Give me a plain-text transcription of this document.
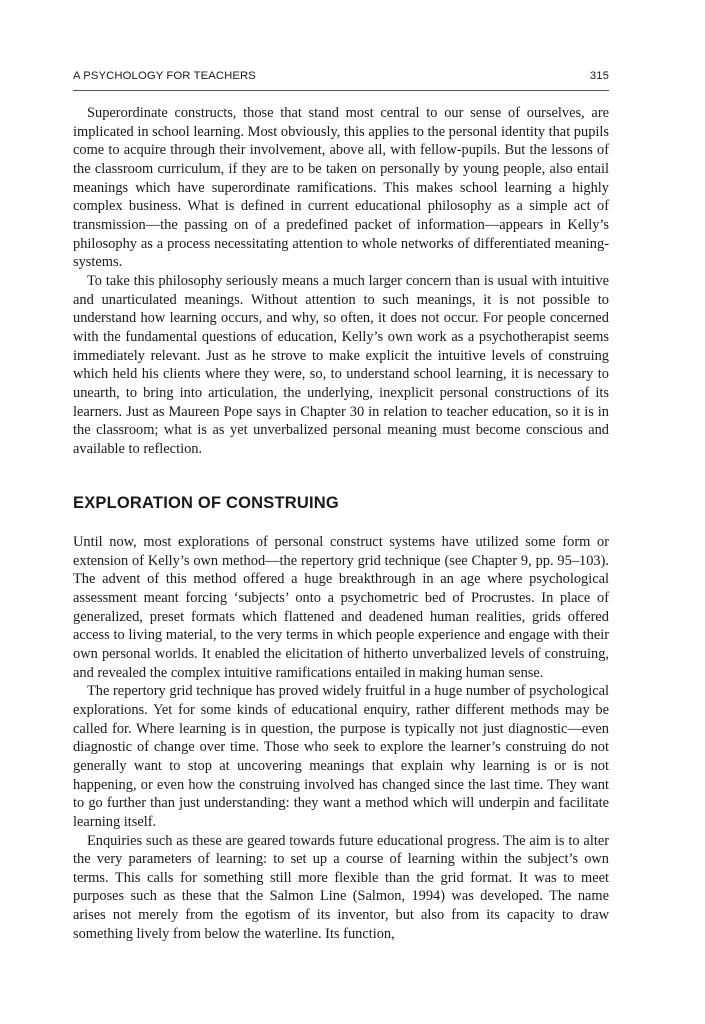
A PSYCHOLOGY FOR TEACHERS	315

Superordinate constructs, those that stand most central to our sense of ourselves, are implicated in school learning. Most obviously, this applies to the personal identity that pupils come to acquire through their involvement, above all, with fellow-pupils. But the lessons of the classroom curriculum, if they are to be taken on personally by young people, also entail meanings which have superordinate ramifications. This makes school learning a highly complex business. What is defined in current educational philosophy as a simple act of transmission—the passing on of a predefined packet of information—appears in Kelly’s philosophy as a process necessitating attention to whole networks of differentiated meaning-systems.

To take this philosophy seriously means a much larger concern than is usual with intuitive and unarticulated meanings. Without attention to such meanings, it is not possible to understand how learning occurs, and why, so often, it does not occur. For people concerned with the fundamental questions of education, Kelly’s own work as a psychotherapist seems immediately relevant. Just as he strove to make explicit the intuitive levels of construing which held his clients where they were, so, to understand school learning, it is necessary to unearth, to bring into articulation, the underlying, inexplicit personal constructions of its learners. Just as Maureen Pope says in Chapter 30 in relation to teacher education, so it is in the classroom; what is as yet unverbalized personal meaning must become conscious and available to reflection.

EXPLORATION OF CONSTRUING

Until now, most explorations of personal construct systems have utilized some form or extension of Kelly’s own method—the repertory grid technique (see Chapter 9, pp. 95–103). The advent of this method offered a huge breakthrough in an age where psychological assessment meant forcing ‘subjects’ onto a psychometric bed of Procrustes. In place of generalized, preset formats which flattened and deadened human realities, grids offered access to living material, to the very terms in which people experience and engage with their own personal worlds. It enabled the elicitation of hitherto unverbalized levels of construing, and revealed the complex intuitive ramifications entailed in making human sense.

The repertory grid technique has proved widely fruitful in a huge number of psychological explorations. Yet for some kinds of educational enquiry, rather different methods may be called for. Where learning is in question, the purpose is typically not just diagnostic—even diagnostic of change over time. Those who seek to explore the learner’s construing do not generally want to stop at uncovering meanings that explain why learning is or is not happening, or even how the construing involved has changed since the last time. They want to go further than just understanding: they want a method which will underpin and facilitate learning itself.

Enquiries such as these are geared towards future educational progress. The aim is to alter the very parameters of learning: to set up a course of learning within the subject’s own terms. This calls for something still more flexible than the grid format. It was to meet purposes such as these that the Salmon Line (Salmon, 1994) was developed. The name arises not merely from the egotism of its inventor, but also from its capacity to draw something lively from below the waterline. Its function,
